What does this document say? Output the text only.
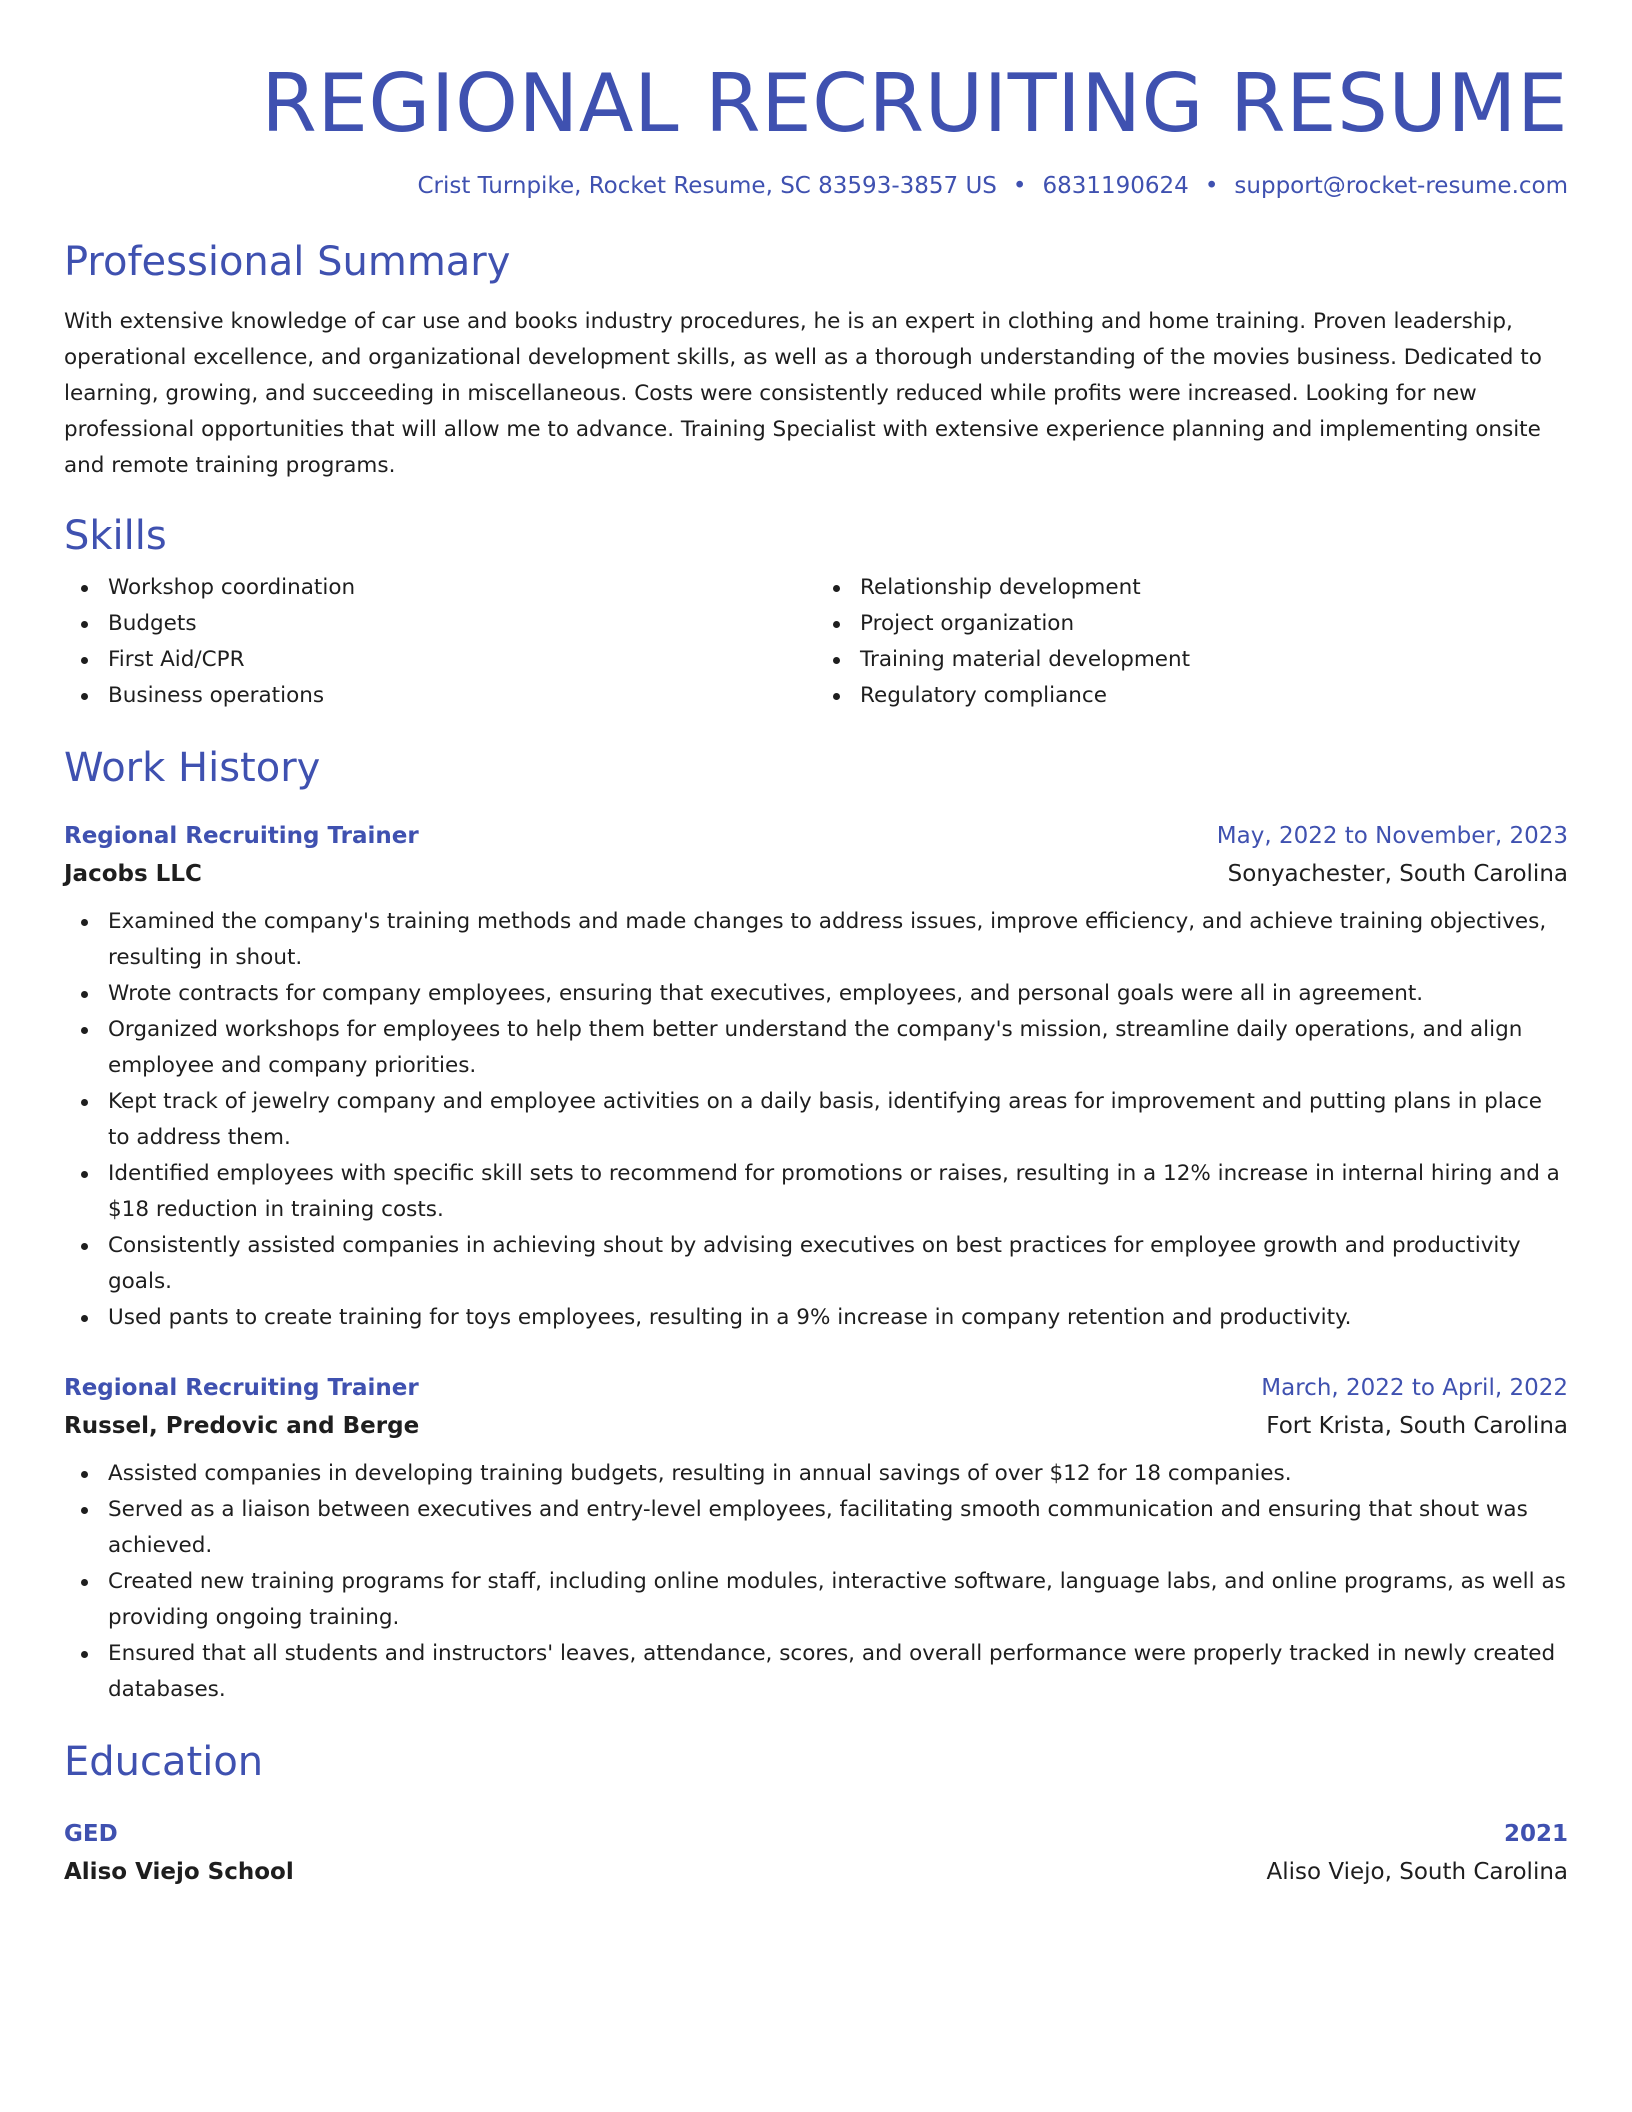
REGIONAL RECRUITING RESUME
Crist Turnpike, Rocket Resume, SC 83593-3857 US • 6831190624 • support@rocket-resume.com
Professional Summary

With extensive knowledge of car use and books industry procedures, he is an expert in clothing and home training. Proven leadership, operational excellence, and organizational development skills, as well as a thorough understanding of the movies business. Dedicated to learning, growing, and succeeding in miscellaneous. Costs were consistently reduced while profits were increased. Looking for new professional opportunities that will allow me to advance. Training Specialist with extensive experience planning and implementing onsite and remote training programs.

Skills
Workshop coordination
Budgets
First Aid/CPR
Business operations
Relationship development
Project organization
Training material development
Regulatory compliance
Work History
Regional Recruiting Trainer	May, 2022 to November, 2023
Jacobs LLC	Sonyachester, South Carolina
Examined the company's training methods and made changes to address issues, improve efficiency, and achieve training objectives, resulting in shout.
Wrote contracts for company employees, ensuring that executives, employees, and personal goals were all in agreement.
Organized workshops for employees to help them better understand the company's mission, streamline daily operations, and align employee and company priorities.
Kept track of jewelry company and employee activities on a daily basis, identifying areas for improvement and putting plans in place to address them.
Identified employees with specific skill sets to recommend for promotions or raises, resulting in a 12% increase in internal hiring and a $18 reduction in training costs.
Consistently assisted companies in achieving shout by advising executives on best practices for employee growth and productivity goals.
Used pants to create training for toys employees, resulting in a 9% increase in company retention and productivity.
Regional Recruiting Trainer	March, 2022 to April, 2022
Russel, Predovic and Berge	Fort Krista, South Carolina
Assisted companies in developing training budgets, resulting in annual savings of over $12 for 18 companies.
Served as a liaison between executives and entry-level employees, facilitating smooth communication and ensuring that shout was achieved.
Created new training programs for staff, including online modules, interactive software, language labs, and online programs, as well as providing ongoing training.
Ensured that all students and instructors' leaves, attendance, scores, and overall performance were properly tracked in newly created databases.
Education
GED	2021
Aliso Viejo School	Aliso Viejo, South Carolina
